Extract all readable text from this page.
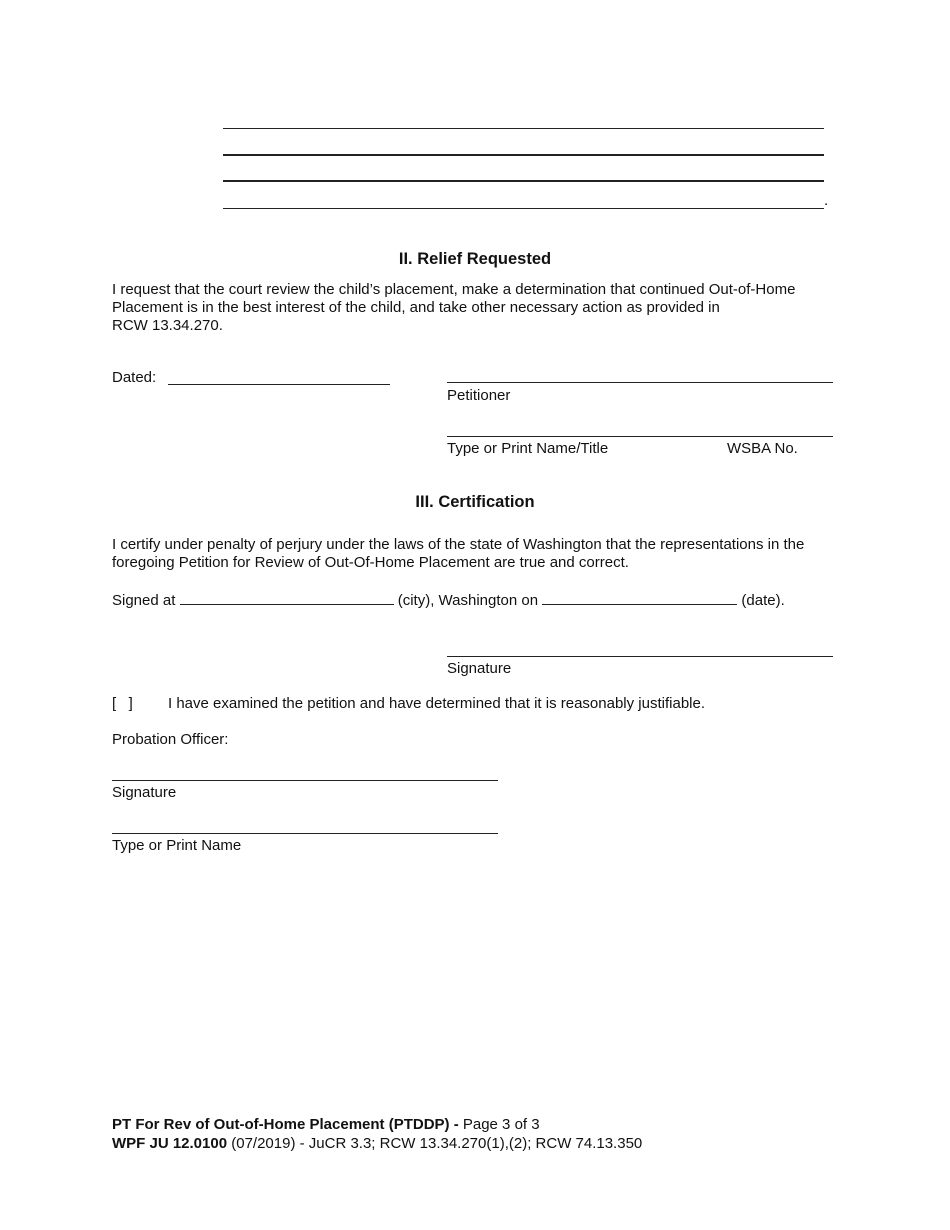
.
II. Relief Requested
I request that the court review the child’s placement, make a determination that continued Out-of-Home
Placement is in the best interest of the child, and take other necessary action as provided in
RCW 13.34.270.
Dated:
Petitioner
Type or Print Name/Title	WSBA No.
III. Certification
I certify under penalty of perjury under the laws of the state of Washington that the representations in the
foregoing Petition for Review of Out-Of-Home Placement are true and correct.
Signed at	(city), Washington on	(date).
Signature
[   ] I have examined the petition and have determined that it is reasonably justifiable.
Probation Officer:
Signature
Type or Print Name
PT For Rev of Out-of-Home Placement (PTDDP) - Page 3 of 3
WPF JU 12.0100 (07/2019) - JuCR 3.3; RCW 13.34.270(1),(2); RCW 74.13.350
